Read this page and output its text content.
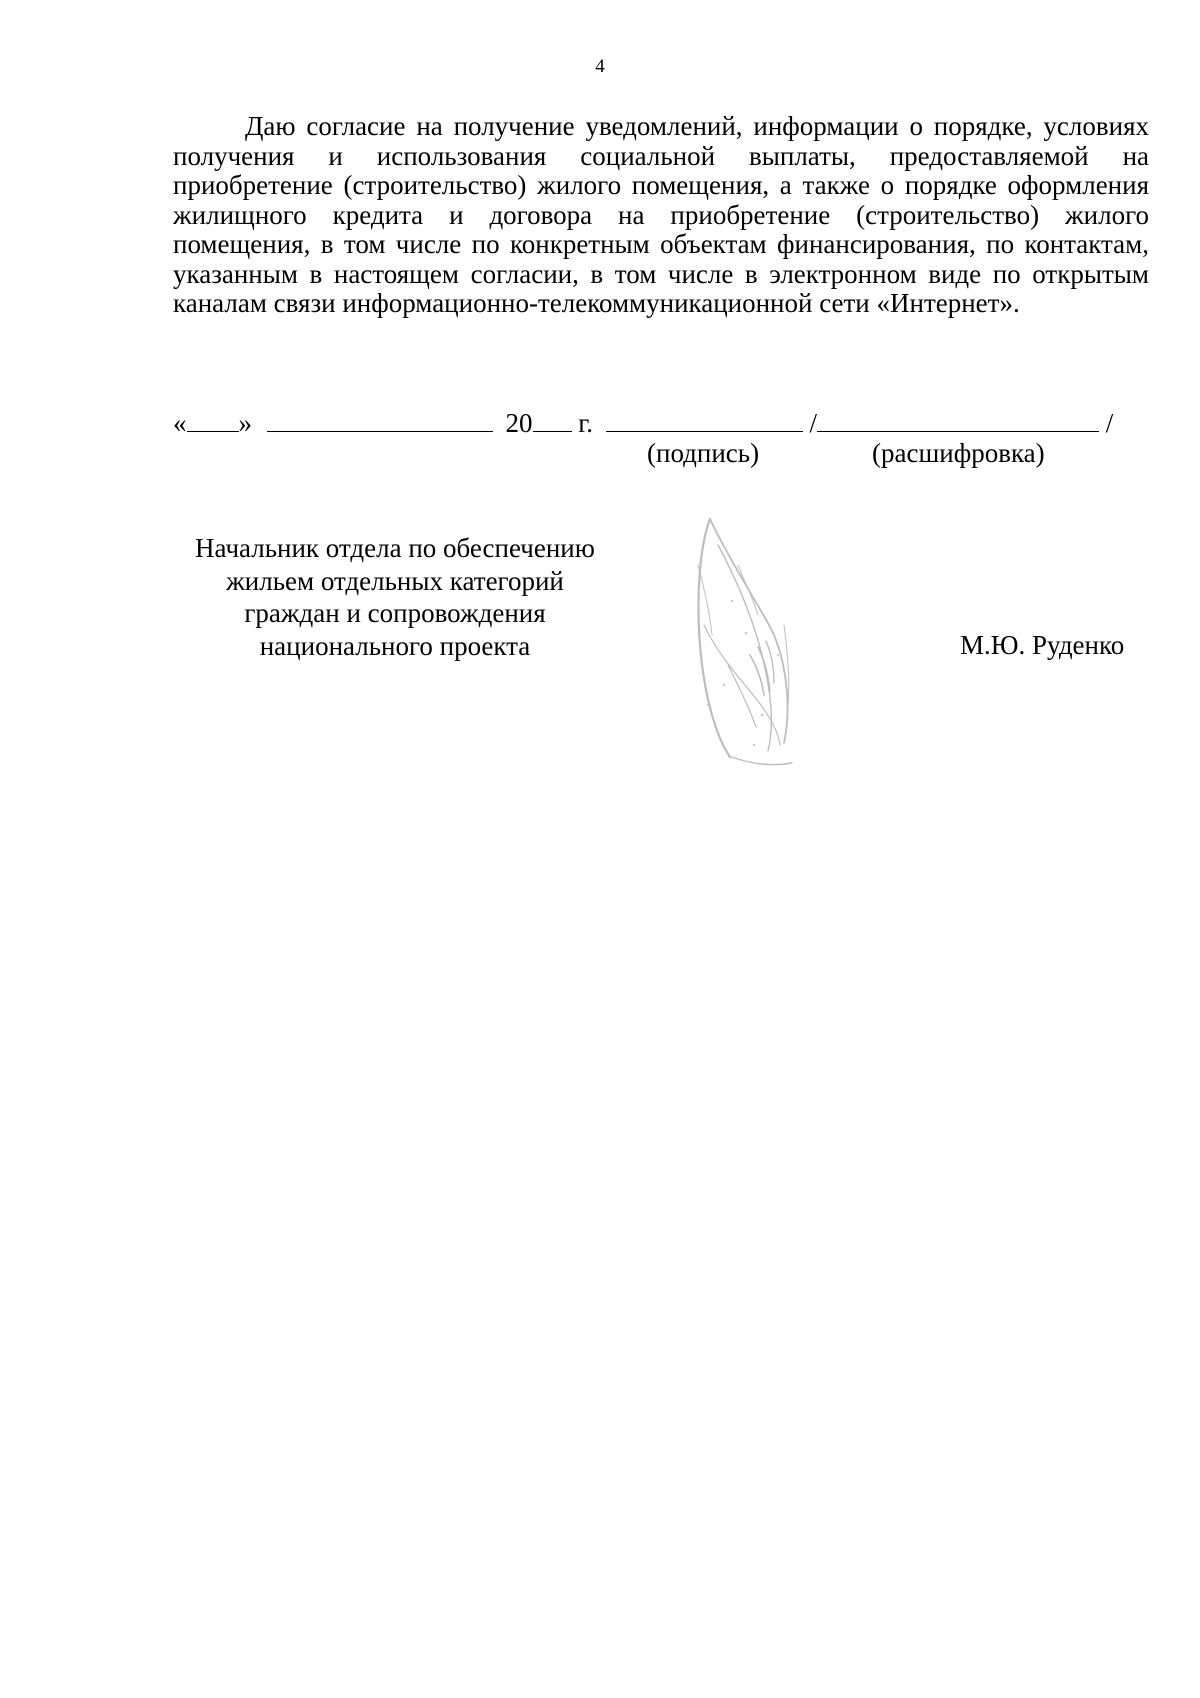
4

Даю согласие на получение уведомлений, информации о порядке, условиях получения и использования социальной выплаты, предоставляемой на приобретение (строительство) жилого помещения, а также о порядке оформления жилищного кредита и договора на приобретение (строительство) жилого помещения, в том числе по конкретным объектам финансирования, по контактам, указанным в настоящем согласии, в том числе в электронном виде по открытым каналам связи информационно-телекоммуникационной сети «Интернет».

« »	20 г.	/	/
(подпись)	(расшифровка)
Начальник отдела по обеспечению
жильем отдельных категорий
граждан и сопровождения
национального проекта	М.Ю. Руденко
